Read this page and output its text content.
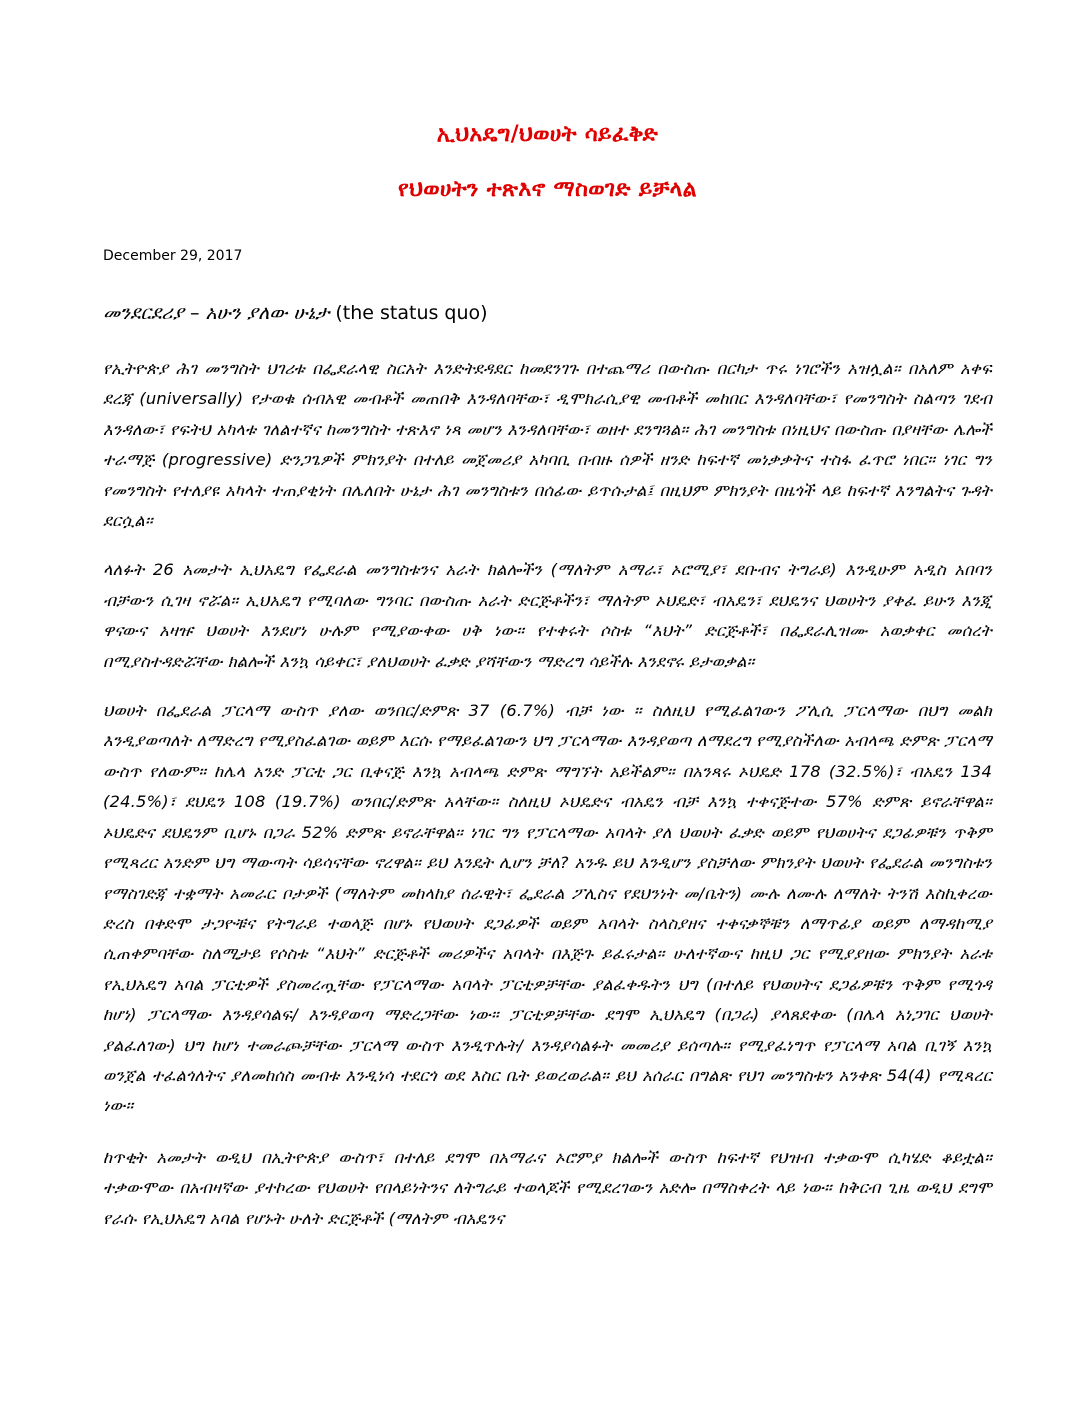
ኢህአዴግ/ህወሀት ሳይፈቅድ
የህወሀትን ተጽእኖ ማስወገድ ይቻላል
December 29, 2017
መንደርደሪያ – አሁን ያለው ሁኔታ (the status quo)

የኢትዮጵያ ሕገ መንግስት ህገሪቱ በፌደራላዊ ስርአት እንድትደዳደር ከመደንገጉ በተጨማሪ በውስጡ በርካታ ጥሩ ነገሮችን አዝሏል። በአለም አቀፍ ደረጃ (universally) የታወቁ ሰብአዊ መብቶች መጠበቅ እንዳለባቸው፣ ዲሞክራሲያዊ መብቶች መከበር እንዳለባቸው፣ የመንግስት ስልጣን ገደብ እንዳለው፣ የፍትህ አካላቱ ገለልተኛና ከመንግስት ተጽእኖ ነጻ መሆን እንዳለባቸው፣ ወዘተ ደንግጓል። ሕገ መንግስቱ በነዚህና በውስጡ በያዛቸው ሌሎች ተራማጅ (progressive) ድንጋጌዎች ምክንያት በተለይ መጀመሪያ አካባቢ በብዙ ሰዎች ዘንድ ከፍተኛ መነቃቃትና ተስፋ ፈጥሮ ነበር። ነገር ግን የመንግስት የተለያዩ አካላት ተጠያቂነት በሌለበት ሁኔታ ሕገ መንግስቱን በሰፊው ይጥሱታል፤ በዚህም ምክንያት በዜጎች ላይ ከፍተኛ እንግልትና ጉዳት ደርሷል።

ላለፉት 26 አመታት ኢህአዴግ የፌደራል መንግስቱንና አራት ክልሎችን (ማለትም አማራ፣ ኦሮሚያ፣ ደቡብና ትግራይ) እንዲሁም አዲስ አበባን ብቻውን ሲገዛ ኖሯል። ኢህአዴግ የሚባለው ግንባር በውስጡ አራት ድርጅቶችን፣ ማለትም ኦህዴድ፣ ብአዴን፣ ደህዴንና ህወሀትን ያቀፈ ይሁን እንጂ ዋናውና አዛዡ ህወሀት እንደሆነ ሁሉም የሚያውቀው ሀቅ ነው። የተቀሩት ሶስቱ “እህት” ድርጅቶች፣ በፌደራሊዝሙ አወቃቀር መሰረት በሚያስተዳድሯቸው ክልሎች እንኳ ሳይቀር፣ ያለህወሀት ፈቃድ ያሻቸውን ማድረግ ሳይችሉ እንደኖሩ ይታወቃል።

ህወሀት በፌደራል ፓርላማ ውስጥ ያለው ወንበር/ድምጽ 37 (6.7%) ብቻ ነው ። ስለዚህ የሚፈልገውን ፖሊሲ ፓርላማው በህግ መልክ እንዲያወጣለት ለማድረግ የሚያስፈልገው ወይም እርሱ የማይፈልገውን ህግ ፓርላማው እንዳያወጣ ለማደረግ የሚያስችለው አብላጫ ድምጽ ፓርላማ ውስጥ የለውም። ከሌላ አንድ ፓርቲ ጋር ቢቀናጅ እንኳ አብላጫ ድምጽ ማግኘት አይችልም። በአንጻሩ ኦህዴድ 178 (32.5%)፣ ብአዴን 134 (24.5%)፣ ደህዴን 108 (19.7%) ወንበር/ድምጽ አላቸው። ስለዚህ ኦህዴድና ብአዴን ብቻ እንኳ ተቀናጅተው 57% ድምጽ ይኖራቸዋል። ኦህዴድና ደህዴንም ቢሆኑ በጋራ 52% ድምጽ ይኖራቸዋል። ነገር ግን የፓርላማው አባላት ያለ ህወሀት ፈቃድ ወይም የህወሀትና ደጋፊዎቹን ጥቅም የሚጻረር አንድም ህግ ማውጣት ሳይሳናቸው ኖረዋል። ይህ እንዴት ሊሆን ቻለ? አንዱ ይህ እንዲሆን ያስቻለው ምክንያት ህወሀት የፌደራል መንግስቱን የማስገድጃ ተቋማት አመራር ቦታዎች (ማለትም መከላከያ ሰራዊት፣ ፌደራል ፖሊስና የደህንነት መ/ቤትን) ሙሉ ለሙሉ ለማለት ትንሽ እስኪቀረው ድረስ በቀድሞ ታጋዮቹና የትግራይ ተወላጅ በሆኑ የህወሀት ደጋፊዎች ወይም አባላት ስላስያዘና ተቀናቃኞቹን ለማጥፊያ ወይም ለማዳከሚያ ሲጠቀምባቸው ስለሚታይ የሶስቱ “እህት” ድርጅቶች መሪዎችና አባላት በእጅጉ ይፈሩታል። ሁለተኛውና ከዚህ ጋር የሚያያዘው ምክንያት አራቱ የኢህአዴግ አባል ፓርቲዎች ያስመረጧቸው የፓርላማው አባላት ፓርቲዎቻቸው ያልፈቀዱትን ህግ (በተለይ የህወሀትና ደጋፊዎቹን ጥቅም የሚጎዳ ከሆነ) ፓርላማው እንዳያሳልፍ/ እንዳያወጣ ማድረጋቸው ነው። ፓርቲዎቻቸው ደግሞ ኢህአዴግ (በጋራ) ያላጸደቀው (በሌላ አነጋገር ህወሀት ያልፈለገው) ህግ ከሆነ ተመራጮቻቸው ፓርላማ ውስጥ እንዲጥሉት/ እንዳያሳልፉት መመሪያ ይሰጣሉ። የሚያፈነግጥ የፓርላማ አባል ቢገኝ እንኳ ወንጀል ተፈልጎለትና ያለመከሰስ መብቱ እንዲነሳ ተደርጎ ወደ እስር ቤት ይወረወራል። ይህ አሰራር በግልጽ የህገ መንግስቱን አንቀጽ 54(4) የሚጻረር ነው።

ከጥቂት አመታት ወዲህ በኢትዮጵያ ውስጥ፣ በተለይ ደግሞ በአማራና ኦሮምያ ክልሎች ውስጥ ከፍተኛ የህዝብ ተቃውሞ ሲካሄድ ቆይቷል። ተቃውሞው በአብዛኛው ያተኮረው የህወሀት የበላይነትንና ለትግራይ ተወላጆች የሚደረገውን አድሎ በማስቀረት ላይ ነው። ከቅርብ ጊዜ ወዲህ ደግሞ የራሱ የኢህአዴግ አባል የሆኑት ሁለት ድርጅቶች (ማለትም ብአዴንና
